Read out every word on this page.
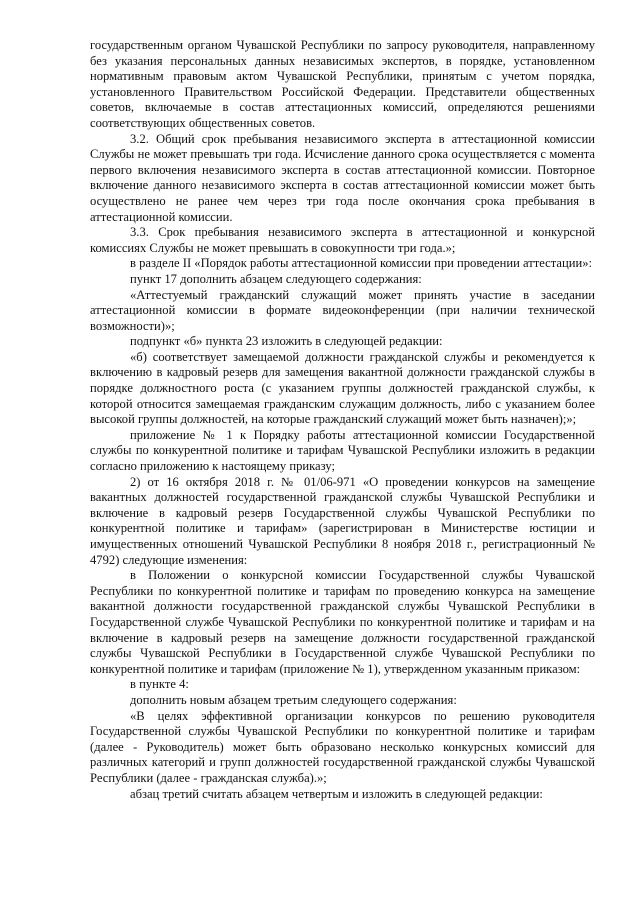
государственным органом Чувашской Республики по запросу руководителя, направленному без указания персональных данных независимых экспертов, в порядке, установленном нормативным правовым актом Чувашской Республики, принятым с учетом порядка, установленного Правительством Российской Федерации. Представители общественных советов, включаемые в состав аттестационных комиссий, определяются решениями соответствующих общественных советов.

3.2. Общий срок пребывания независимого эксперта в аттестационной комиссии Службы не может превышать три года. Исчисление данного срока осуществляется с момента первого включения независимого эксперта в состав аттестационной комиссии. Повторное включение данного независимого эксперта в состав аттестационной комиссии может быть осуществлено не ранее чем через три года после окончания срока пребывания в аттестационной комиссии.

3.3. Срок пребывания независимого эксперта в аттестационной и конкурсной комиссиях Службы не может превышать в совокупности три года.»;

в разделе II «Порядок работы аттестационной комиссии при проведении аттестации»:

пункт 17 дополнить абзацем следующего содержания:

«Аттестуемый гражданский служащий может принять участие в заседании аттестационной комиссии в формате видеоконференции (при наличии технической возможности)»;

подпункт «б» пункта 23 изложить в следующей редакции:

«б) соответствует замещаемой должности гражданской службы и рекомендуется к включению в кадровый резерв для замещения вакантной должности гражданской службы в порядке должностного роста (с указанием группы должностей гражданской службы, к которой относится замещаемая гражданским служащим должность, либо с указанием более высокой группы должностей, на которые гражданский служащий может быть назначен);»;

приложение № 1 к Порядку работы аттестационной комиссии Государственной службы по конкурентной политике и тарифам Чувашской Республики изложить в редакции согласно приложению к настоящему приказу;

2) от 16 октября 2018 г. № 01/06-971 «О проведении конкурсов на замещение вакантных должностей государственной гражданской службы Чувашской Республики и включение в кадровый резерв Государственной службы Чувашской Республики по конкурентной политике и тарифам» (зарегистрирован в Министерстве юстиции и имущественных отношений Чувашской Республики 8 ноября 2018 г., регистрационный № 4792) следующие изменения:

в Положении о конкурсной комиссии Государственной службы Чувашской Республики по конкурентной политике и тарифам по проведению конкурса на замещение вакантной должности государственной гражданской службы Чувашской Республики в Государственной службе Чувашской Республики по конкурентной политике и тарифам и на включение в кадровый резерв на замещение должности государственной гражданской службы Чувашской Республики в Государственной службе Чувашской Республики по конкурентной политике и тарифам (приложение № 1), утвержденном указанным приказом:

в пункте 4:

дополнить новым абзацем третьим следующего содержания:

«В целях эффективной организации конкурсов по решению руководителя Государственной службы Чувашской Республики по конкурентной политике и тарифам (далее - Руководитель) может быть образовано несколько конкурсных комиссий для различных категорий и групп должностей государственной гражданской службы Чувашской Республики (далее - гражданская служба).»;

абзац третий считать абзацем четвертым и изложить в следующей редакции:
